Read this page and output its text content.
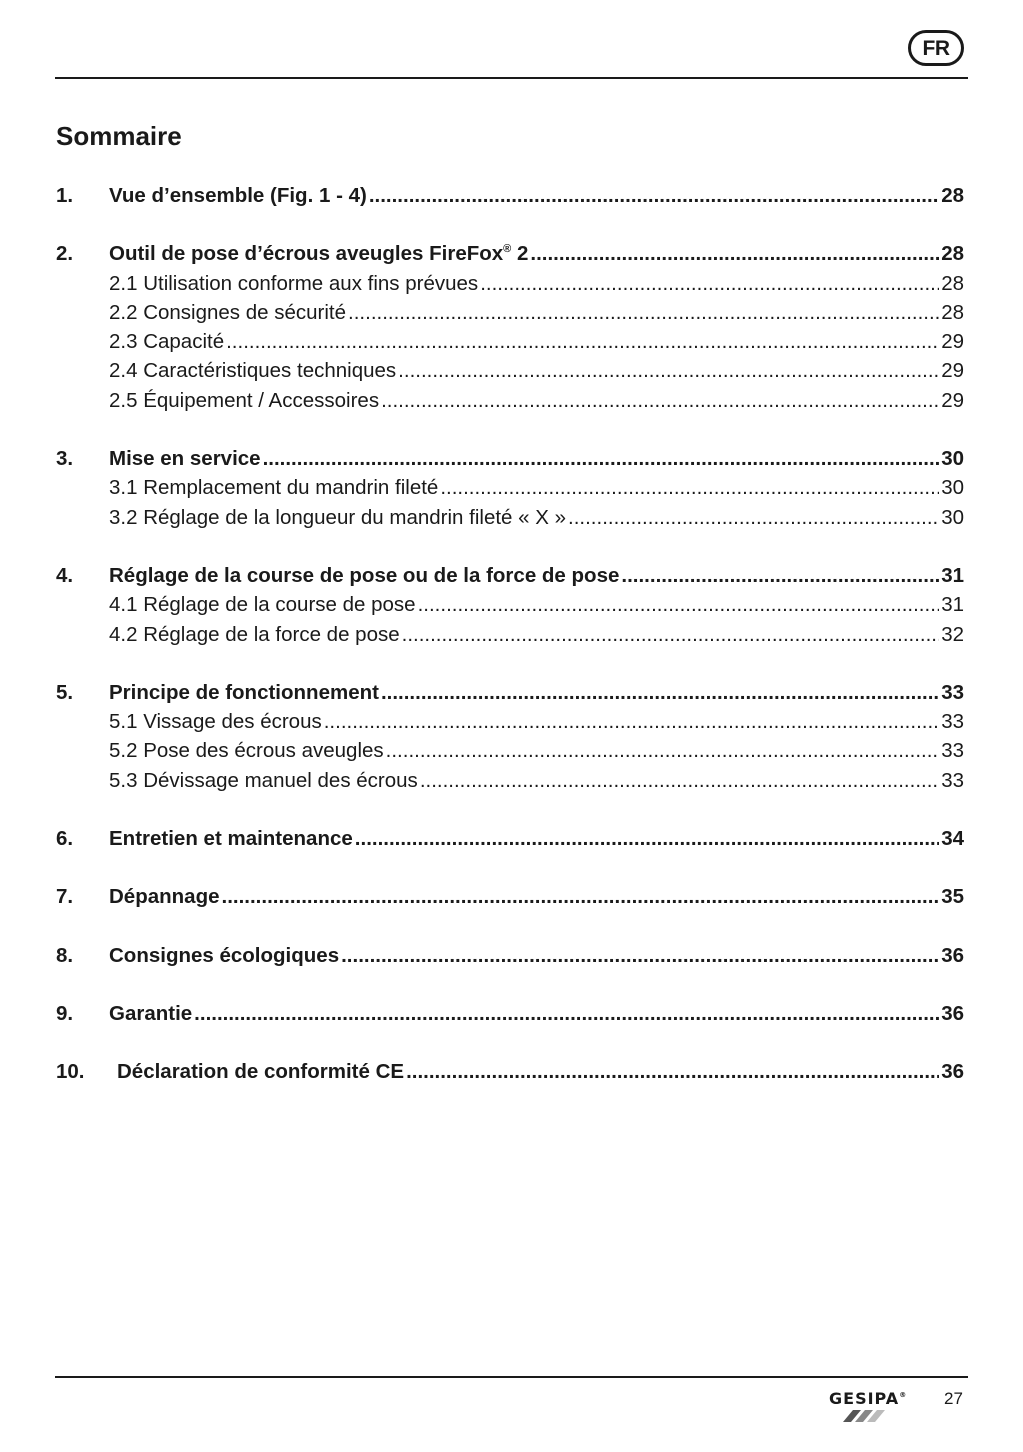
FR
Sommaire
1.	Vue d’ensemble (Fig. 1 - 4) .....	28
2.	Outil de pose d’écrous aveugles FireFox® 2 .....	28
2.1 Utilisation conforme aux fins prévues .....	28
2.2 Consignes de sécurité .....	28
2.3 Capacité .....	29
2.4 Caractéristiques techniques .....	29
2.5 Équipement / Accessoires .....	29
3.	Mise en service .....	30
3.1 Remplacement du mandrin fileté .....	30
3.2 Réglage de la longueur du mandrin fileté « X » .....	30
4.	Réglage de la course de pose ou de la force de pose .....	31
4.1 Réglage de la course de pose .....	31
4.2 Réglage de la force de pose .....	32
5.	Principe de fonctionnement .....	33
5.1 Vissage des écrous .....	33
5.2 Pose des écrous aveugles .....	33
5.3 Dévissage manuel des écrous .....	33
6.	Entretien et maintenance .....	34
7.	Dépannage .....	35
8.	Consignes écologiques .....	36
9.	Garantie .....	36
10.	Déclaration de conformité CE .....	36
GESIPA® 27
